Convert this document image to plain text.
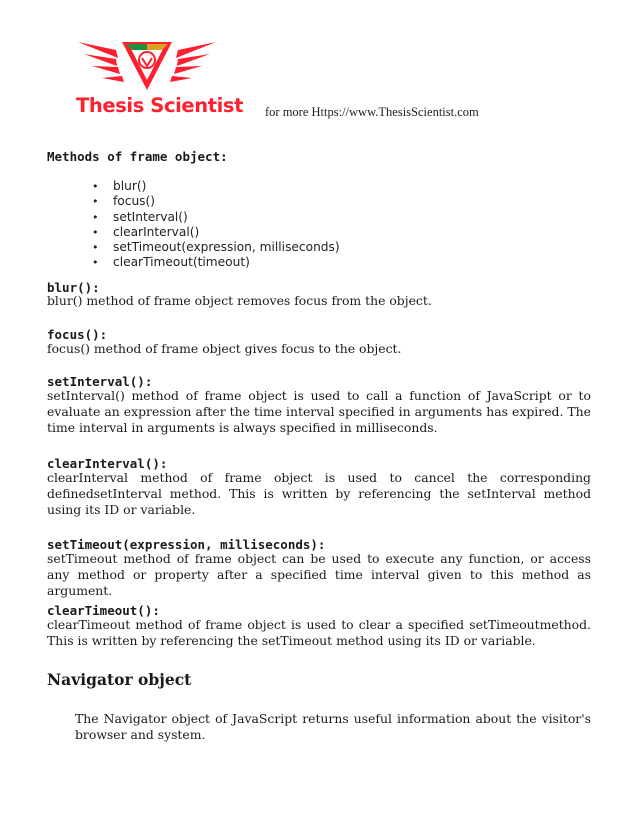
Thesis Scientist for more Https://www.ThesisScientist.com
Methods of frame object:
• blur()
• focus()
• setInterval()
• clearInterval()
• setTimeout(expression, milliseconds)
• clearTimeout(timeout)
blur():
blur() method of frame object removes focus from the object.
focus():
focus() method of frame object gives focus to the object.
setInterval():
setInterval() method of frame object is used to call a function of JavaScript or to evaluate an expression after the time interval specified in arguments has expired. The time interval in arguments is always specified in milliseconds.
clearInterval():
clearInterval method of frame object is used to cancel the corresponding definedsetInterval method. This is written by referencing the setInterval method using its ID or variable.
setTimeout(expression, milliseconds):
setTimeout method of frame object can be used to execute any function, or access any method or property after a specified time interval given to this method as argument.
clearTimeout():
clearTimeout method of frame object is used to clear a specified setTimeoutmethod. This is written by referencing the setTimeout method using its ID or variable.
Navigator object
The Navigator object of JavaScript returns useful information about the visitor's browser and system.
